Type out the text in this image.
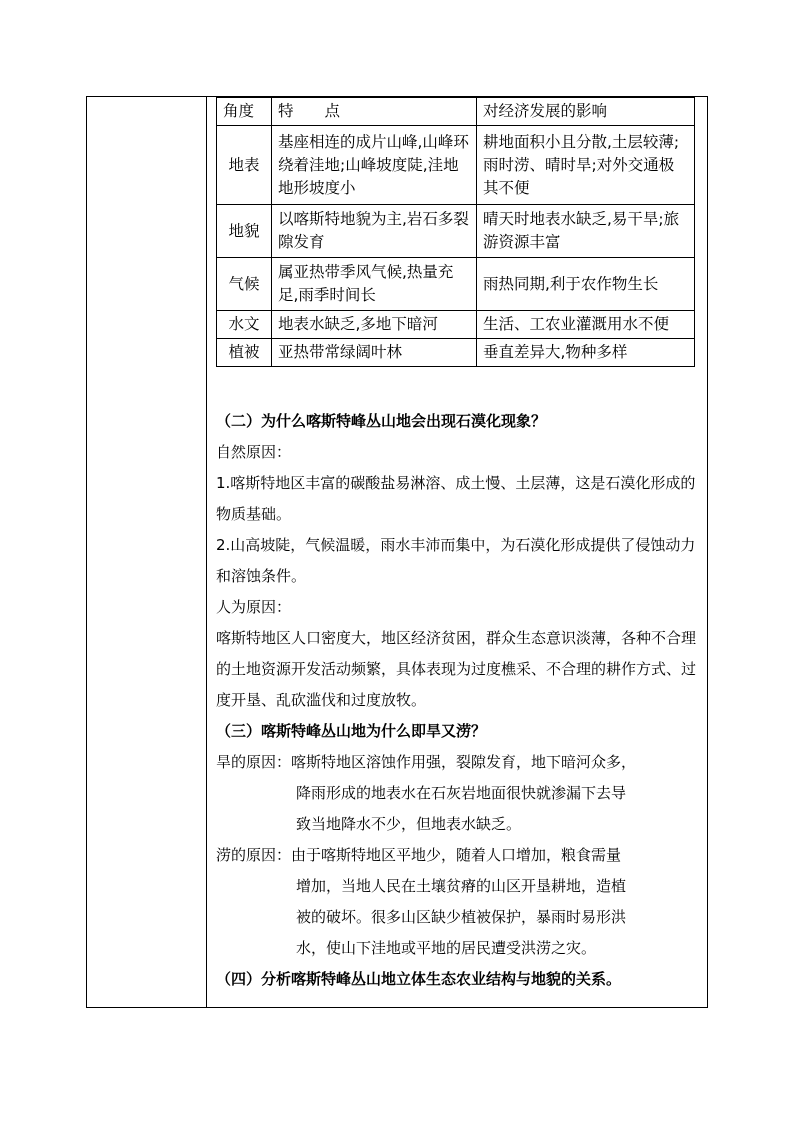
角度	特　　点	对经济发展的影响
地表	基座相连的成片山峰,山峰环绕着洼地;山峰坡度陡,洼地地形坡度小	耕地面积小且分散,土层较薄;雨时涝、晴时旱;对外交通极其不便
地貌	以喀斯特地貌为主,岩石多裂隙发育	晴天时地表水缺乏,易干旱;旅游资源丰富
气候	属亚热带季风气候,热量充足,雨季时间长	雨热同期,利于农作物生长
水文	地表水缺乏,多地下暗河	生活、工农业灌溉用水不便
植被	亚热带常绿阔叶林	垂直差异大,物种多样

（二）为什么喀斯特峰丛山地会出现石漠化现象？

自然原因：

1.喀斯特地区丰富的碳酸盐易淋溶、成土慢、土层薄，这是石漠化形成的物质基础。

2.山高坡陡，气候温暖，雨水丰沛而集中，为石漠化形成提供了侵蚀动力和溶蚀条件。

人为原因：

喀斯特地区人口密度大，地区经济贫困，群众生态意识淡薄，各种不合理的土地资源开发活动频繁，具体表现为过度樵采、不合理的耕作方式、过度开垦、乱砍滥伐和过度放牧。

（三）喀斯特峰丛山地为什么即旱又涝？

旱的原因：喀斯特地区溶蚀作用强，裂隙发育，地下暗河众多，

降雨形成的地表水在石灰岩地面很快就渗漏下去导

致当地降水不少，但地表水缺乏。

涝的原因：由于喀斯特地区平地少，随着人口增加，粮食需量

增加，当地人民在土壤贫瘠的山区开垦耕地，造植

被的破坏。很多山区缺少植被保护，暴雨时易形洪

水，使山下洼地或平地的居民遭受洪涝之灾。

（四）分析喀斯特峰丛山地立体生态农业结构与地貌的关系。
